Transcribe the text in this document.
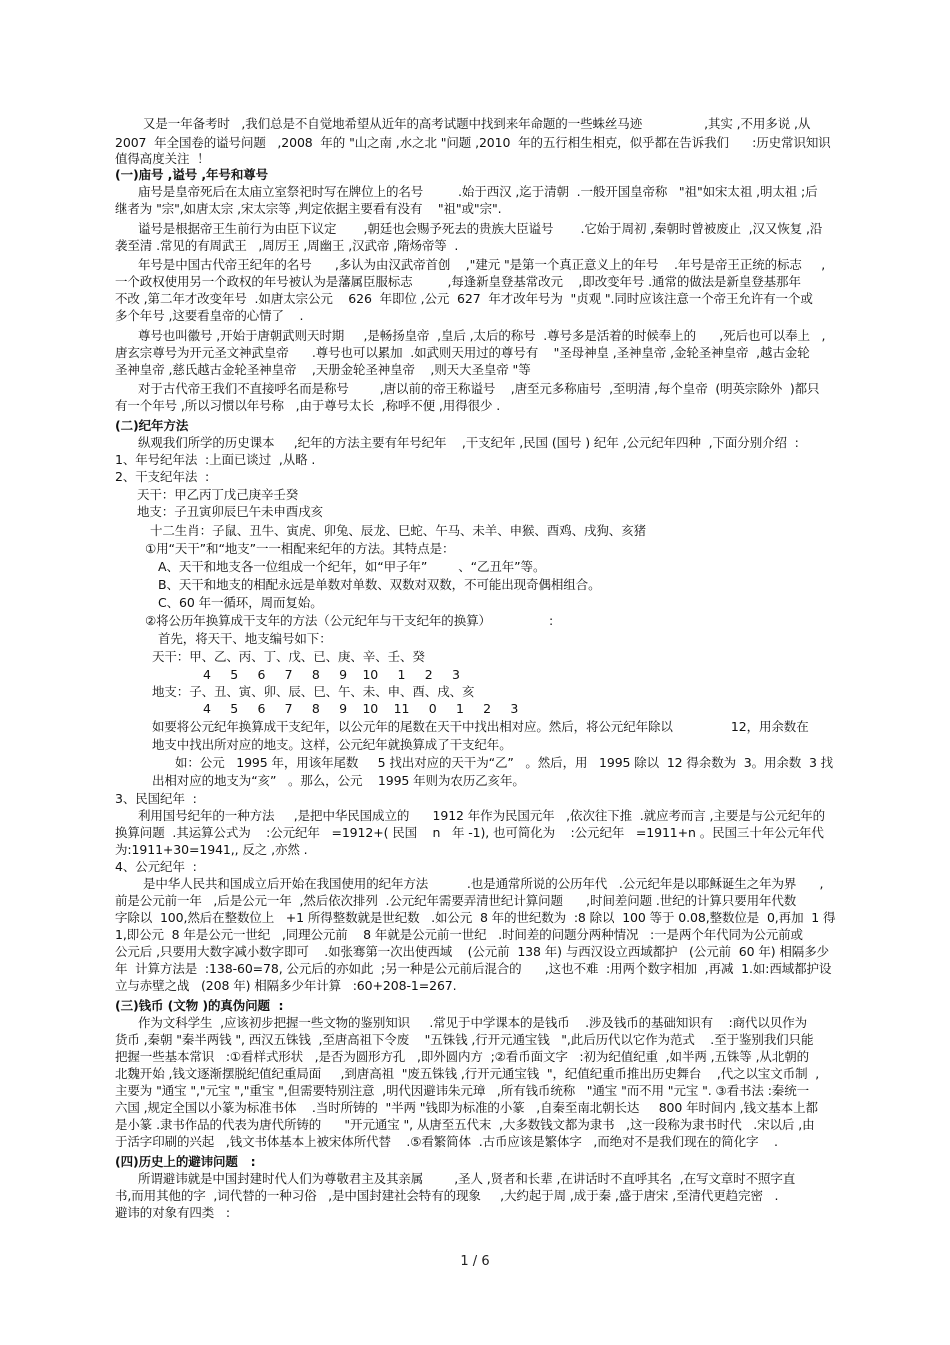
又是一年备考时   ,我们总是不自觉地希望从近年的高考试题中找到来年命题的一些蛛丝马迹                ,其实 ,不用多说 ,从
2007  年全国卷的谥号问题   ,2008  年的 "山之南 ,水之北 "问题 ,2010  年的五行相生相克，似乎都在告诉我们      :历史常识知识
值得高度关注  ！
(一)庙号 ,谥号 ,年号和尊号
庙号是皇帝死后在太庙立室祭祀时写在牌位上的名号         .始于西汉 ,迄于清朝  .一般开国皇帝称   "祖"如宋太祖 ,明太祖 ;后
继者为 "宗",如唐太宗 ,宋太宗等 ,判定依据主要看有没有    "祖"或"宗".
谥号是根据帝王生前行为由臣下议定       ,朝廷也会赐予死去的贵族大臣谥号       .它始于周初 ,秦朝时曾被废止  ,汉又恢复 ,沿
袭至清 .常见的有周武王   ,周厉王 ,周幽王 ,汉武帝 ,隋炀帝等  .
年号是中国古代帝王纪年的名号      ,多认为由汉武帝首创    ,"建元 "是第一个真正意义上的年号    .年号是帝王正统的标志     ,
一个政权使用另一个政权的年号被认为是藩属臣服标志         ,每逢新皇登基常改元    ,即改变年号 .通常的做法是新皇登基那年
不改 ,第二年才改变年号  .如唐太宗公元    626  年即位 ,公元  627  年才改年号为  "贞观 ".同时应该注意一个帝王允许有一个或
多个年号 ,这要看皇帝的心情了    .
尊号也叫徽号 ,开始于唐朝武则天时期     ,是畅扬皇帝  ,皇后 ,太后的称号  .尊号多是活着的时候奉上的      ,死后也可以奉上   ,
唐玄宗尊号为开元圣文神武皇帝      .尊号也可以累加  .如武则天用过的尊号有    "圣母神皇 ,圣神皇帝 ,金轮圣神皇帝  ,越古金轮
圣神皇帝 ,慈氏越古金轮圣神皇帝    ,天册金轮圣神皇帝    ,则天大圣皇帝 "等
对于古代帝王我们不直接呼名而是称号        ,唐以前的帝王称谥号    ,唐至元多称庙号  ,至明清 ,每个皇帝  (明英宗除外  )都只
有一个年号 ,所以习惯以年号称   ,由于尊号太长  ,称呼不便 ,用得很少 .
(二)纪年方法
纵观我们所学的历史课本     ,纪年的方法主要有年号纪年    ,干支纪年 ,民国 (国号 ) 纪年 ,公元纪年四种  ,下面分别介绍  :
1、年号纪年法  :上面已谈过  ,从略 .
2、干支纪年法  :
天干：甲乙丙丁戊己庚辛壬癸
地支：子丑寅卯辰巳午未申酉戌亥
十二生肖：子鼠、丑牛、寅虎、卯兔、辰龙、巳蛇、午马、未羊、申猴、酉鸡、戌狗、亥猪
①用“天干”和“地支”一一相配来纪年的方法。其特点是：
A、天干和地支各一位组成一个纪年，如“甲子年”        、“乙丑年”等。
B、天干和地支的相配永远是单数对单数、双数对双数，不可能出现奇偶相组合。
C、60 年一循环，周而复始。
②将公历年换算成干支年的方法（公元纪年与干支纪年的换算）               :
首先，将天干、地支编号如下：
天干：甲、乙、丙、丁、戊、已、庚、辛、壬、癸
4     5     6     7     8     9    10     1     2     3
地支：子、丑、寅、卯、辰、巳、午、未、申、酉、戌、亥
4     5     6     7     8     9    10    11     0     1     2     3
如要将公元纪年换算成干支纪年，以公元年的尾数在天干中找出相对应。然后，将公元纪年除以               12，用余数在
地支中找出所对应的地支。这样，公元纪年就换算成了干支纪年。
如：公元   1995 年，用该年尾数     5 找出对应的天干为“乙”   。然后，用   1995 除以  12 得余数为  3。用余数  3 找
出相对应的地支为“亥”   。那么，公元    1995 年则为农历乙亥年。
3、民国纪年  :
利用国号纪年的一种方法     ,是把中华民国成立的      1912 年作为民国元年   ,依次往下推  .就应考而言 ,主要是与公元纪年的
换算问题  .其运算公式为    :公元纪年   =1912+( 民国    n   年 -1), 也可简化为    :公元纪年   =1911+n 。民国三十年公元年代
为:1911+30=1941,, 反之 ,亦然 .
4、公元纪年  :
是中华人民共和国成立后开始在我国使用的纪年方法          .也是通常所说的公历年代   .公元纪年是以耶稣诞生之年为界      ,
前是公元前一年   ,后是公元一年  ,然后依次排列  .公元纪年需要弄清世纪计算问题      ,时间差问题 .世纪的计算只要用年代数
字除以  100,然后在整数位上   +1 所得整数就是世纪数   .如公元  8 年的世纪数为  :8 除以  100 等于 0.08,整数位是  0,再加  1 得
1,即公元  8 年是公元一世纪   ,同理公元前    8 年就是公元前一世纪   .时间差的问题分两种情况   :一是两个年代同为公元前或
公元后 ,只要用大数字减小数字即可    .如张骞第一次出使西域    (公元前  138 年) 与西汉设立西域都护   (公元前  60 年) 相隔多少
年  计算方法是  :138-60=78, 公元后的亦如此  ;另一种是公元前后混合的      ,这也不难  :用两个数字相加  ,再减  1.如:西域都护设
立与赤壁之战   (208 年) 相隔多少年计算   :60+208-1=267.
(三)钱币 (文物 )的真伪问题  :
作为文科学生  ,应该初步把握一些文物的鉴别知识     .常见于中学课本的是钱币    .涉及钱币的基础知识有    :商代以贝作为
货币 ,秦朝 "秦半两钱 ", 西汉五铢钱  ,至唐高祖下令废    "五铢钱 ,行开元通宝钱   ",此后历代以它作为范式    .至于鉴别我们只能
把握一些基本常识   :①看样式形状   ,是否为圆形方孔   ,即外圆内方  ;②看币面文字   :初为纪值纪重  ,如半两 ,五铢等 ,从北朝的
北魏开始 ,钱文逐渐摆脱纪值纪重局面     ,到唐高祖  "废五铢钱 ,行开元通宝钱  "，纪值纪重币推出历史舞台    ,代之以宝文币制  ,
主要为 "通宝 ","元宝 ","重宝 ",但需要特别注意  ,明代因避讳朱元璋   ,所有钱币统称   "通宝 "而不用 "元宝 ". ③看书法 :秦统一
六国 ,规定全国以小篆为标准书体    .当时所铸的  "半两 "钱即为标准的小篆   ,自秦至南北朝长达     800 年时间内 ,钱文基本上都
是小篆 .隶书作品的代表为唐代所铸的      "开元通宝 ", 从唐至五代末  ,大多数钱文都为隶书   ,这一段称为隶书时代   .宋以后 ,由
于活字印刷的兴起   ,钱文书体基本上被宋体所代替    .⑤看繁简体  .古币应该是繁体字   ,而绝对不是我们现在的简化字    .
(四)历史上的避讳问题   :
所谓避讳就是中国封建时代人们为尊敬君主及其亲属        ,圣人 ,贤者和长辈 ,在讲话时不直呼其名  ,在写文章时不照字直
书,而用其他的字  ,词代替的一种习俗   ,是中国封建社会特有的现象     ,大约起于周 ,成于秦 ,盛于唐宋 ,至清代更趋完密   .
避讳的对象有四类   :
1 / 6
